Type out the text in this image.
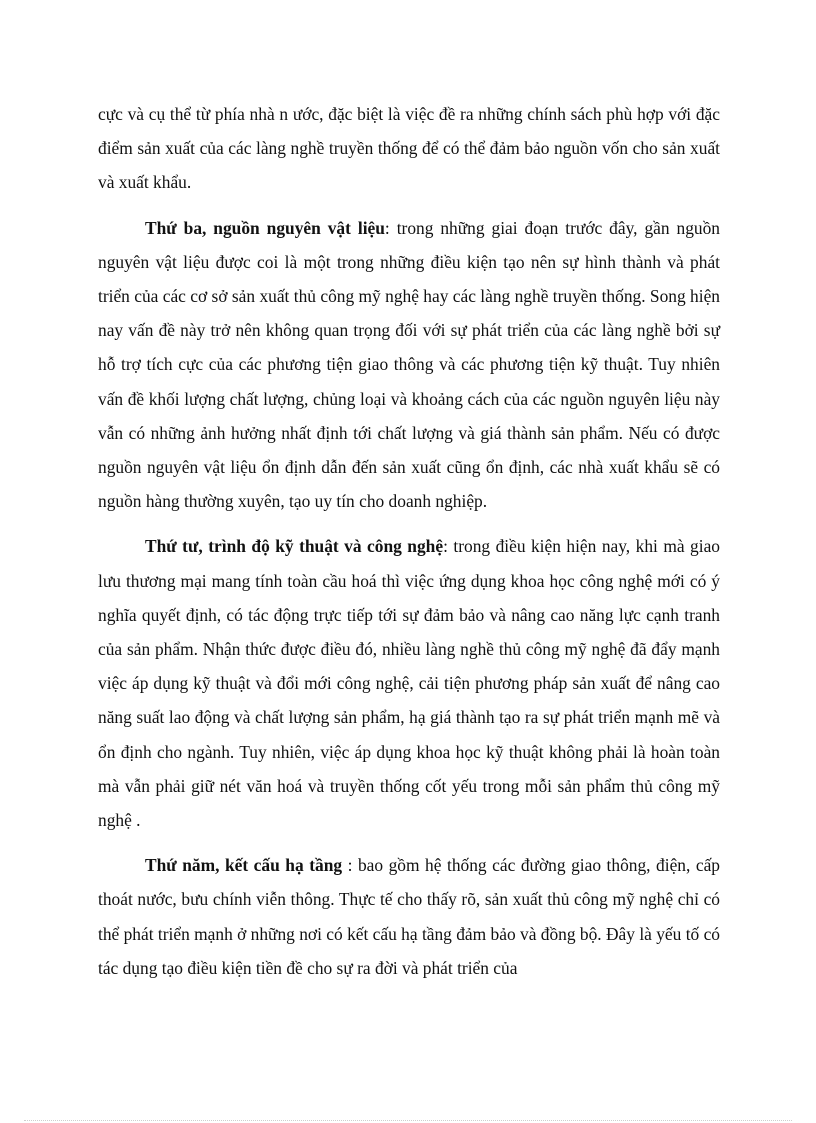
cực và cụ thể từ phía nhà n ước, đặc biệt là việc đề ra những chính sách phù hợp với đặc điểm sản xuất của các làng nghề truyền thống để có thể đảm bảo nguồn vốn cho sản xuất và xuất khẩu.

Thứ ba, nguồn nguyên vật liệu: trong những giai đoạn trước đây, gần nguồn nguyên vật liệu được coi là một trong những điều kiện tạo nên sự hình thành và phát triển của các cơ sở sản xuất thủ công mỹ nghệ hay các làng nghề truyền thống. Song hiện nay vấn đề này trở nên không quan trọng đối với sự phát triển của các làng nghề bởi sự hỗ trợ tích cực của các phương tiện giao thông và các phương tiện kỹ thuật. Tuy nhiên vấn đề khối lượng chất lượng, chủng loại và khoảng cách của các nguồn nguyên liệu này vẫn có những ảnh hưởng nhất định tới chất lượng và giá thành sản phẩm. Nếu có được nguồn nguyên vật liệu ổn định dẫn đến sản xuất cũng ổn định, các nhà xuất khẩu sẽ có nguồn hàng thường xuyên, tạo uy tín cho doanh nghiệp.

Thứ tư, trình độ kỹ thuật và công nghệ: trong điều kiện hiện nay, khi mà giao lưu thương mại mang tính toàn cầu hoá thì việc ứng dụng khoa học công nghệ mới có ý nghĩa quyết định, có tác động trực tiếp tới sự đảm bảo và nâng cao năng lực cạnh tranh của sản phẩm. Nhận thức được điều đó, nhiều làng nghề thủ công mỹ nghệ đã đẩy mạnh việc áp dụng kỹ thuật và đổi mới công nghệ, cải tiện phương pháp sản xuất để nâng cao năng suất lao động và chất lượng sản phẩm, hạ giá thành tạo ra sự phát triển mạnh mẽ và ổn định cho ngành. Tuy nhiên, việc áp dụng khoa học kỹ thuật không phải là hoàn toàn mà vẫn phải giữ nét văn hoá và truyền thống cốt yếu trong mỗi sản phẩm thủ công mỹ nghệ .

Thứ năm, kết cấu hạ tầng : bao gồm hệ thống các đường giao thông, điện, cấp thoát nước, bưu chính viễn thông. Thực tế cho thấy rõ, sản xuất thủ công mỹ nghệ chỉ có thể phát triển mạnh ở những nơi có kết cấu hạ tầng đảm bảo và đồng bộ. Đây là yếu tố có tác dụng tạo điều kiện tiền đề cho sự ra đời và phát triển của
